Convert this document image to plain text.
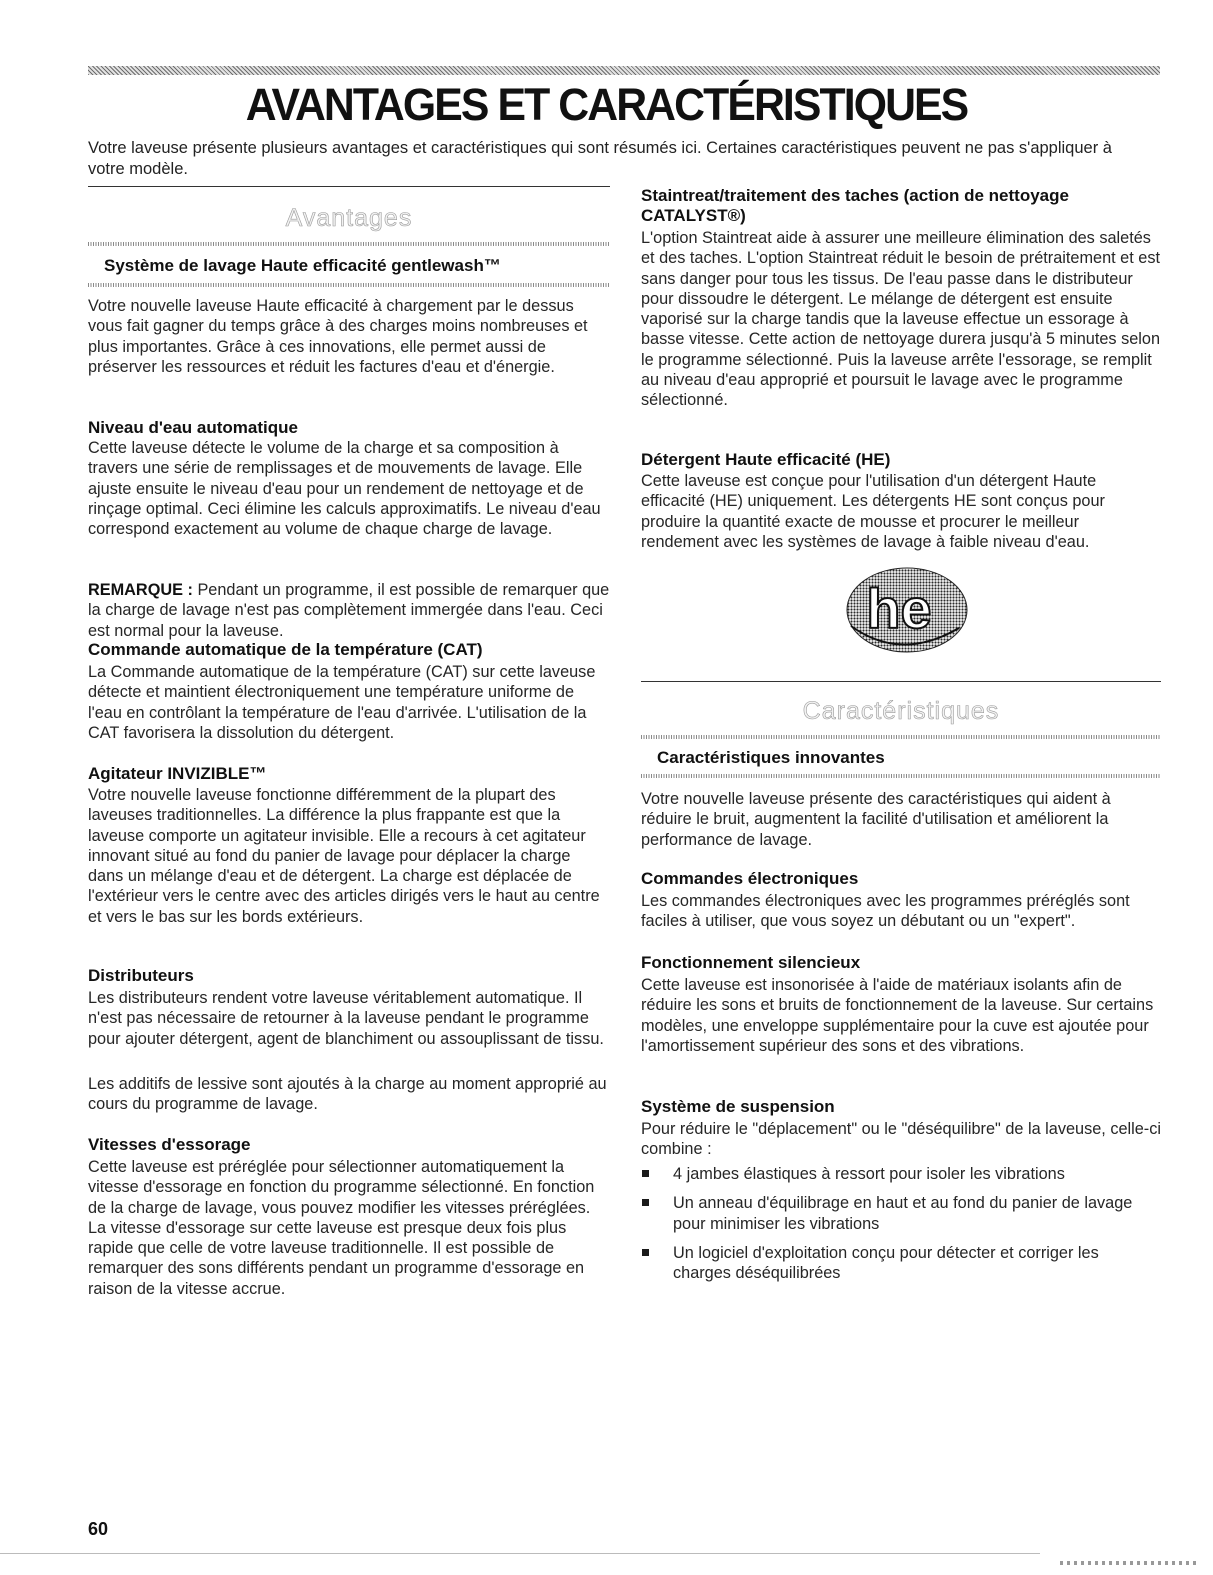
AVANTAGES ET CARACTÉRISTIQUES

Votre laveuse présente plusieurs avantages et caractéristiques qui sont résumés ici. Certaines caractéristiques peuvent ne pas s'appliquer à votre modèle.

Avantages
Système de lavage Haute efficacité gentlewash™

Votre nouvelle laveuse Haute efficacité à chargement par le dessus vous fait gagner du temps grâce à des charges moins nombreuses et plus importantes. Grâce à ces innovations, elle permet aussi de préserver les ressources et réduit les factures d'eau et d'énergie.

Niveau d'eau automatique

Cette laveuse détecte le volume de la charge et sa composition à travers une série de remplissages et de mouvements de lavage. Elle ajuste ensuite le niveau d'eau pour un rendement de nettoyage et de rinçage optimal. Ceci élimine les calculs approximatifs. Le niveau d'eau correspond exactement au volume de chaque charge de lavage.

REMARQUE : Pendant un programme, il est possible de remarquer que la charge de lavage n'est pas complètement immergée dans l'eau. Ceci est normal pour la laveuse.

Commande automatique de la température (CAT)

La Commande automatique de la température (CAT) sur cette laveuse détecte et maintient électroniquement une température uniforme de l'eau en contrôlant la température de l'eau d'arrivée. L'utilisation de la CAT favorisera la dissolution du détergent.

Agitateur INVIZIBLE™

Votre nouvelle laveuse fonctionne différemment de la plupart des laveuses traditionnelles. La différence la plus frappante est que la laveuse comporte un agitateur invisible. Elle a recours à cet agitateur innovant situé au fond du panier de lavage pour déplacer la charge dans un mélange d'eau et de détergent. La charge est déplacée de l'extérieur vers le centre avec des articles dirigés vers le haut au centre et vers le bas sur les bords extérieurs.

Distributeurs

Les distributeurs rendent votre laveuse véritablement automatique. Il n'est pas nécessaire de retourner à la laveuse pendant le programme pour ajouter détergent, agent de blanchiment ou assouplissant de tissu.

Les additifs de lessive sont ajoutés à la charge au moment approprié au cours du programme de lavage.

Vitesses d'essorage

Cette laveuse est préréglée pour sélectionner automatiquement la vitesse d'essorage en fonction du programme sélectionné. En fonction de la charge de lavage, vous pouvez modifier les vitesses préréglées. La vitesse d'essorage sur cette laveuse est presque deux fois plus rapide que celle de votre laveuse traditionnelle. Il est possible de remarquer des sons différents pendant un programme d'essorage en raison de la vitesse accrue.

Staintreat/traitement des taches (action de nettoyage CATALYST®)

L'option Staintreat aide à assurer une meilleure élimination des saletés et des taches. L'option Staintreat réduit le besoin de prétraitement et est sans danger pour tous les tissus. De l'eau passe dans le distributeur pour dissoudre le détergent. Le mélange de détergent est ensuite vaporisé sur la charge tandis que la laveuse effectue un essorage à basse vitesse. Cette action de nettoyage durera jusqu'à 5 minutes selon le programme sélectionné. Puis la laveuse arrête l'essorage, se remplit au niveau d'eau approprié et poursuit le lavage avec le programme sélectionné.

Détergent Haute efficacité (HE)

Cette laveuse est conçue pour l'utilisation d'un détergent Haute efficacité (HE) uniquement. Les détergents HE sont conçus pour produire la quantité exacte de mousse et procurer le meilleur rendement avec les systèmes de lavage à faible niveau d'eau.

he
Caractéristiques
Caractéristiques innovantes

Votre nouvelle laveuse présente des caractéristiques qui aident à réduire le bruit, augmentent la facilité d'utilisation et améliorent la performance de lavage.

Commandes électroniques

Les commandes électroniques avec les programmes préréglés sont faciles à utiliser, que vous soyez un débutant ou un "expert".

Fonctionnement silencieux

Cette laveuse est insonorisée à l'aide de matériaux isolants afin de réduire les sons et bruits de fonctionnement de la laveuse. Sur certains modèles, une enveloppe supplémentaire pour la cuve est ajoutée pour l'amortissement supérieur des sons et des vibrations.

Système de suspension

Pour réduire le "déplacement" ou le "déséquilibre" de la laveuse, celle-ci combine :

4 jambes élastiques à ressort pour isoler les vibrations
Un anneau d'équilibrage en haut et au fond du panier de lavage pour minimiser les vibrations
Un logiciel d'exploitation conçu pour détecter et corriger les charges déséquilibrées
60
